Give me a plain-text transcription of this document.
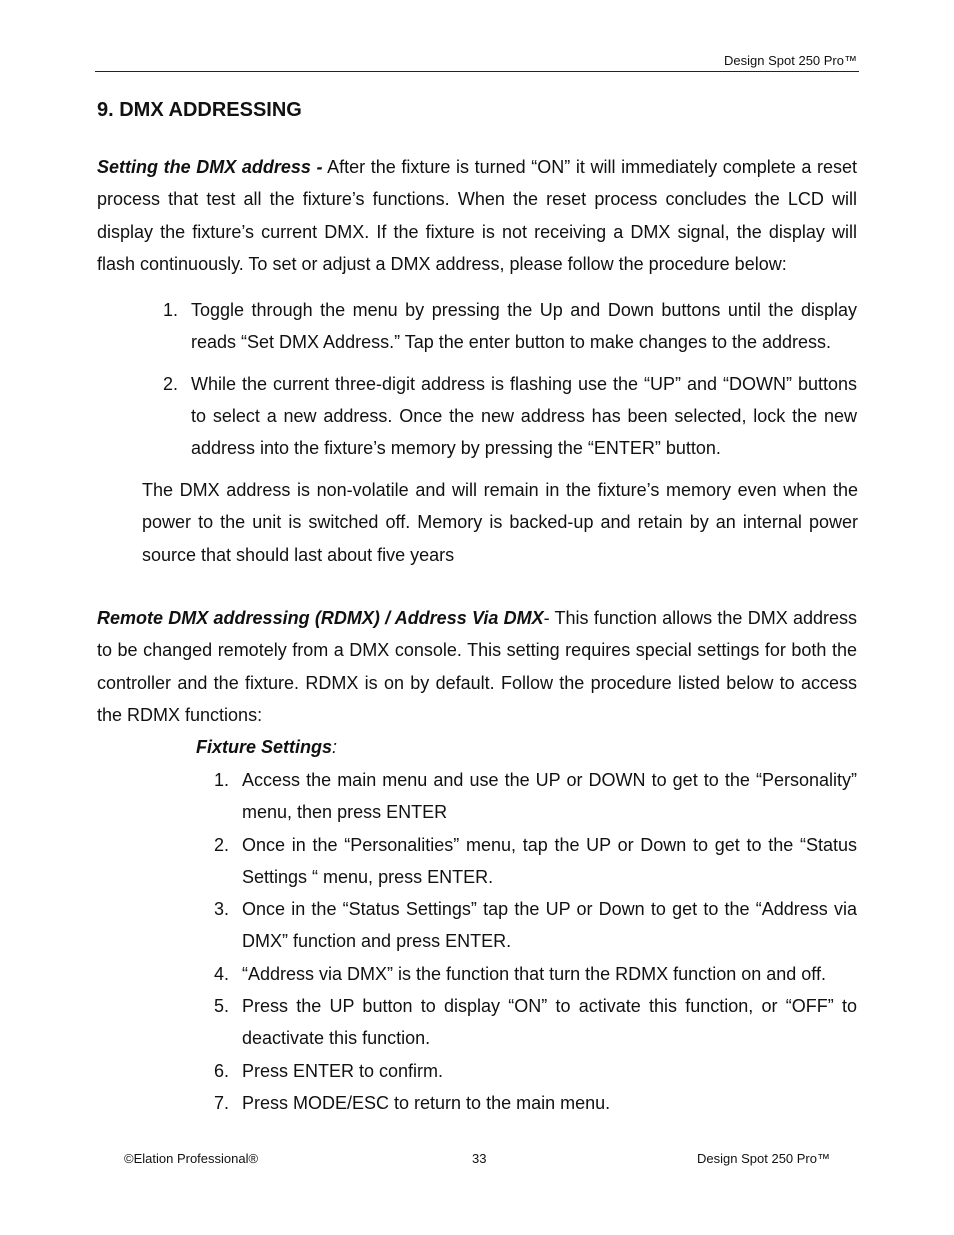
Design Spot 250 Pro™
9. DMX ADDRESSING

Setting the DMX address - After the fixture is turned “ON” it will immediately complete a reset process that test all the fixture’s functions. When the reset process concludes the LCD will display the fixture’s current DMX. If the fixture is not receiving a DMX signal, the display will flash continuously. To set or adjust a DMX address, please follow the procedure below:

1. Toggle through the menu by pressing the Up and Down buttons until the display reads “Set DMX Address.” Tap the enter button to make changes to the address.
2. While the current three-digit address is flashing use the “UP” and “DOWN” buttons to select a new address. Once the new address has been selected, lock the new address into the fixture’s memory by pressing the “ENTER” button.

The DMX address is non-volatile and will remain in the fixture’s memory even when the power to the unit is switched off. Memory is backed-up and retain by an internal power source that should last about five years

Remote DMX addressing (RDMX) / Address Via DMX- This function allows the DMX address to be changed remotely from a DMX console. This setting requires special settings for both the controller and the fixture. RDMX is on by default. Follow the procedure listed below to access the RDMX functions:

Fixture Settings:

1. Access the main menu and use the UP or DOWN to get to the “Personality” menu, then press ENTER
2. Once in the “Personalities” menu, tap the UP or Down to get to the “Status Settings “ menu, press ENTER.
3. Once in the “Status Settings” tap the UP or Down to get to the “Address via DMX” function and press ENTER.
4. “Address via DMX” is the function that turn the RDMX function on and off.
5. Press the UP button to display “ON” to activate this function, or “OFF” to deactivate this function.
6. Press ENTER to confirm.
7. Press MODE/ESC to return to the main menu.
©Elation Professional®	33	Design Spot 250 Pro™
